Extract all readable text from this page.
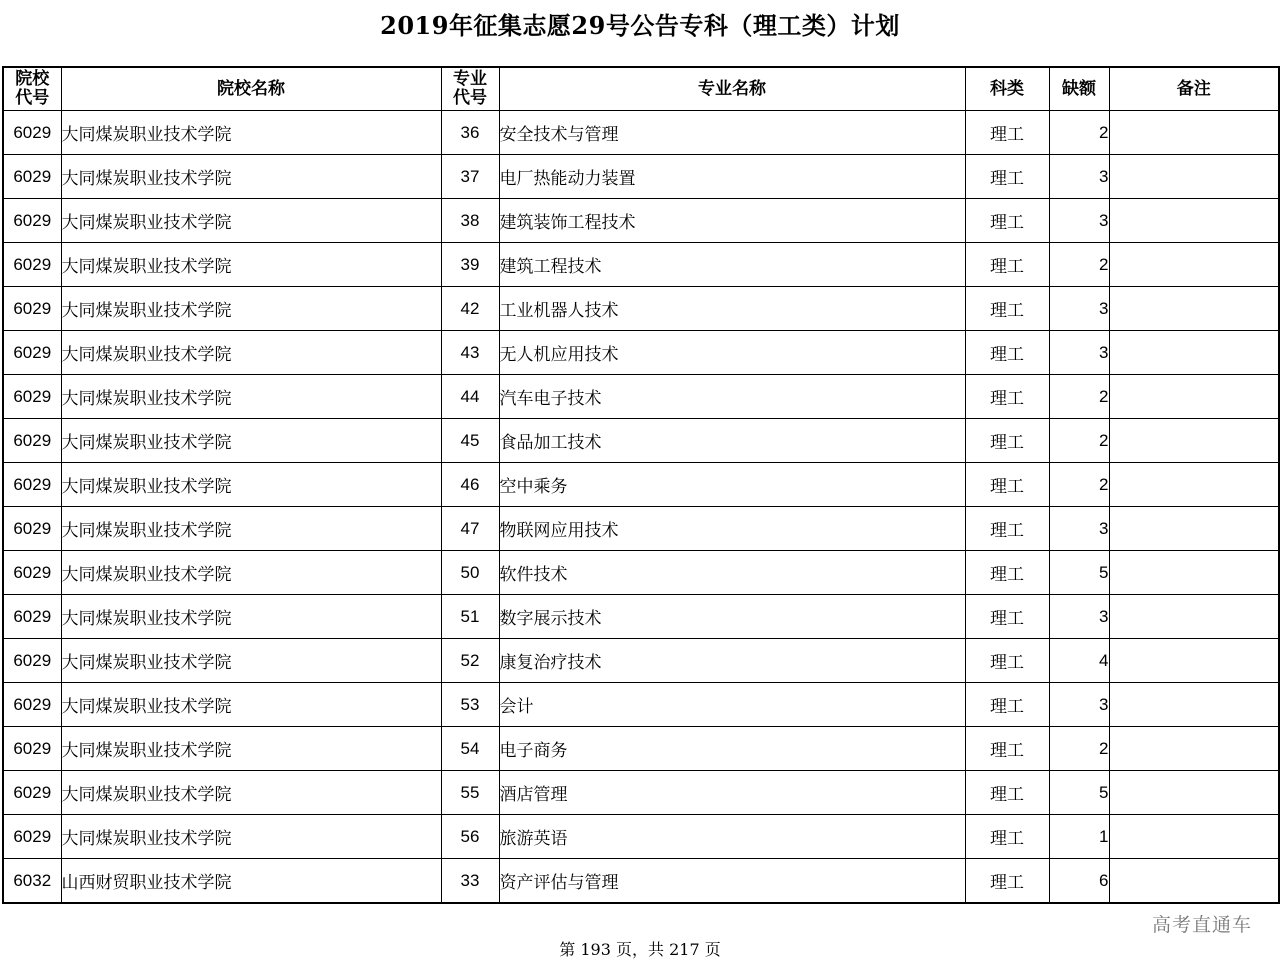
2019年征集志愿29号公告专科（理工类）计划
院校代号	院校名称	专业代号	专业名称	科类	缺额	备注
6029	大同煤炭职业技术学院	36	安全技术与管理	理工	2	
6029	大同煤炭职业技术学院	37	电厂热能动力装置	理工	3	
6029	大同煤炭职业技术学院	38	建筑装饰工程技术	理工	3	
6029	大同煤炭职业技术学院	39	建筑工程技术	理工	2	
6029	大同煤炭职业技术学院	42	工业机器人技术	理工	3	
6029	大同煤炭职业技术学院	43	无人机应用技术	理工	3	
6029	大同煤炭职业技术学院	44	汽车电子技术	理工	2	
6029	大同煤炭职业技术学院	45	食品加工技术	理工	2	
6029	大同煤炭职业技术学院	46	空中乘务	理工	2	
6029	大同煤炭职业技术学院	47	物联网应用技术	理工	3	
6029	大同煤炭职业技术学院	50	软件技术	理工	5	
6029	大同煤炭职业技术学院	51	数字展示技术	理工	3	
6029	大同煤炭职业技术学院	52	康复治疗技术	理工	4	
6029	大同煤炭职业技术学院	53	会计	理工	3	
6029	大同煤炭职业技术学院	54	电子商务	理工	2	
6029	大同煤炭职业技术学院	55	酒店管理	理工	5	
6029	大同煤炭职业技术学院	56	旅游英语	理工	1	
6032	山西财贸职业技术学院	33	资产评估与管理	理工	6	
高考直通车
第 193 页，共 217 页
